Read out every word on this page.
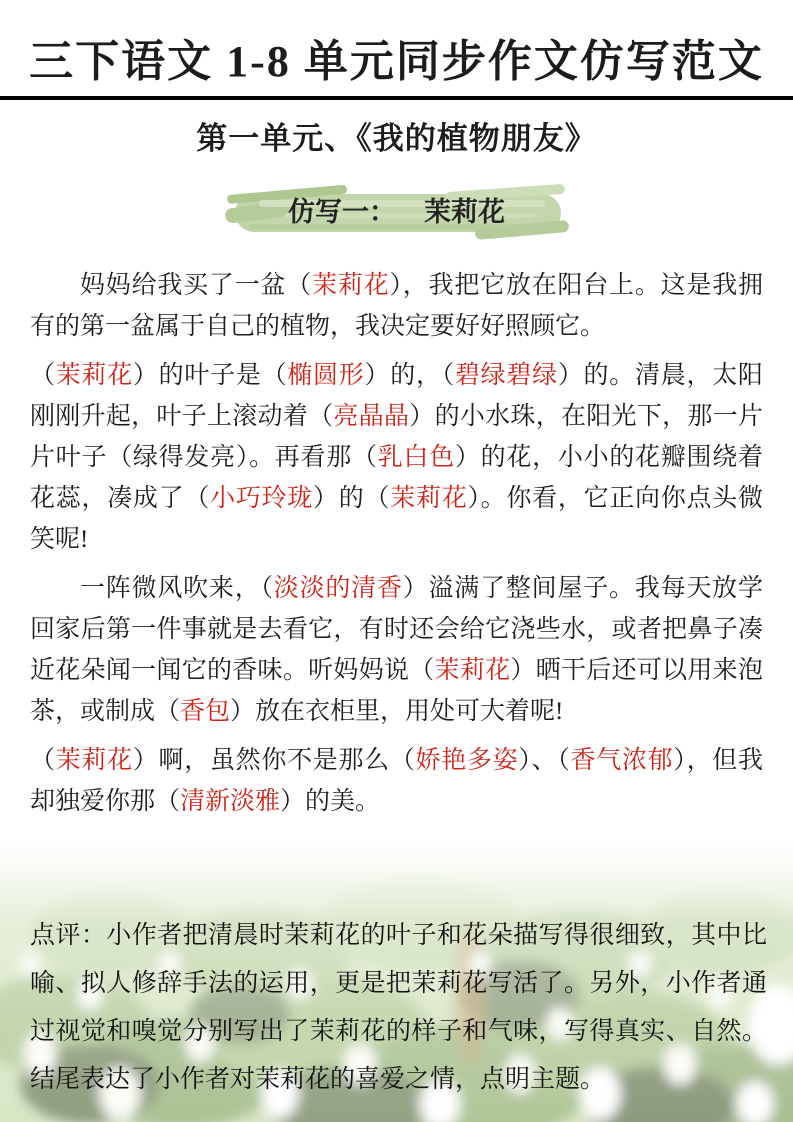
三下语文 1-8 单元同步作文仿写范文
第一单元、《我的植物朋友》
仿写一： 茉莉花

妈妈给我买了一盆（茉莉花），我把它放在阳台上。这是我拥有的第一盆属于自己的植物，我决定要好好照顾它。

（茉莉花）的叶子是（椭圆形）的，（碧绿碧绿）的。清晨，太阳刚刚升起，叶子上滚动着（亮晶晶）的小水珠，在阳光下，那一片片叶子（绿得发亮）。再看那（乳白色）的花，小小的花瓣围绕着花蕊，凑成了（小巧玲珑）的（茉莉花）。你看，它正向你点头微笑呢!

一阵微风吹来，（淡淡的清香）溢满了整间屋子。我每天放学回家后第一件事就是去看它，有时还会给它浇些水，或者把鼻子凑近花朵闻一闻它的香味。听妈妈说（茉莉花）晒干后还可以用来泡茶，或制成（香包）放在衣柜里，用处可大着呢!

（茉莉花）啊，虽然你不是那么（娇艳多姿）、（香气浓郁），但我却独爱你那（清新淡雅）的美。

点评：小作者把清晨时茉莉花的叶子和花朵描写得很细致，其中比喻、拟人修辞手法的运用，更是把茉莉花写活了。另外，小作者通过视觉和嗅觉分别写出了茉莉花的样子和气味，写得真实、自然。结尾表达了小作者对茉莉花的喜爱之情，点明主题。
